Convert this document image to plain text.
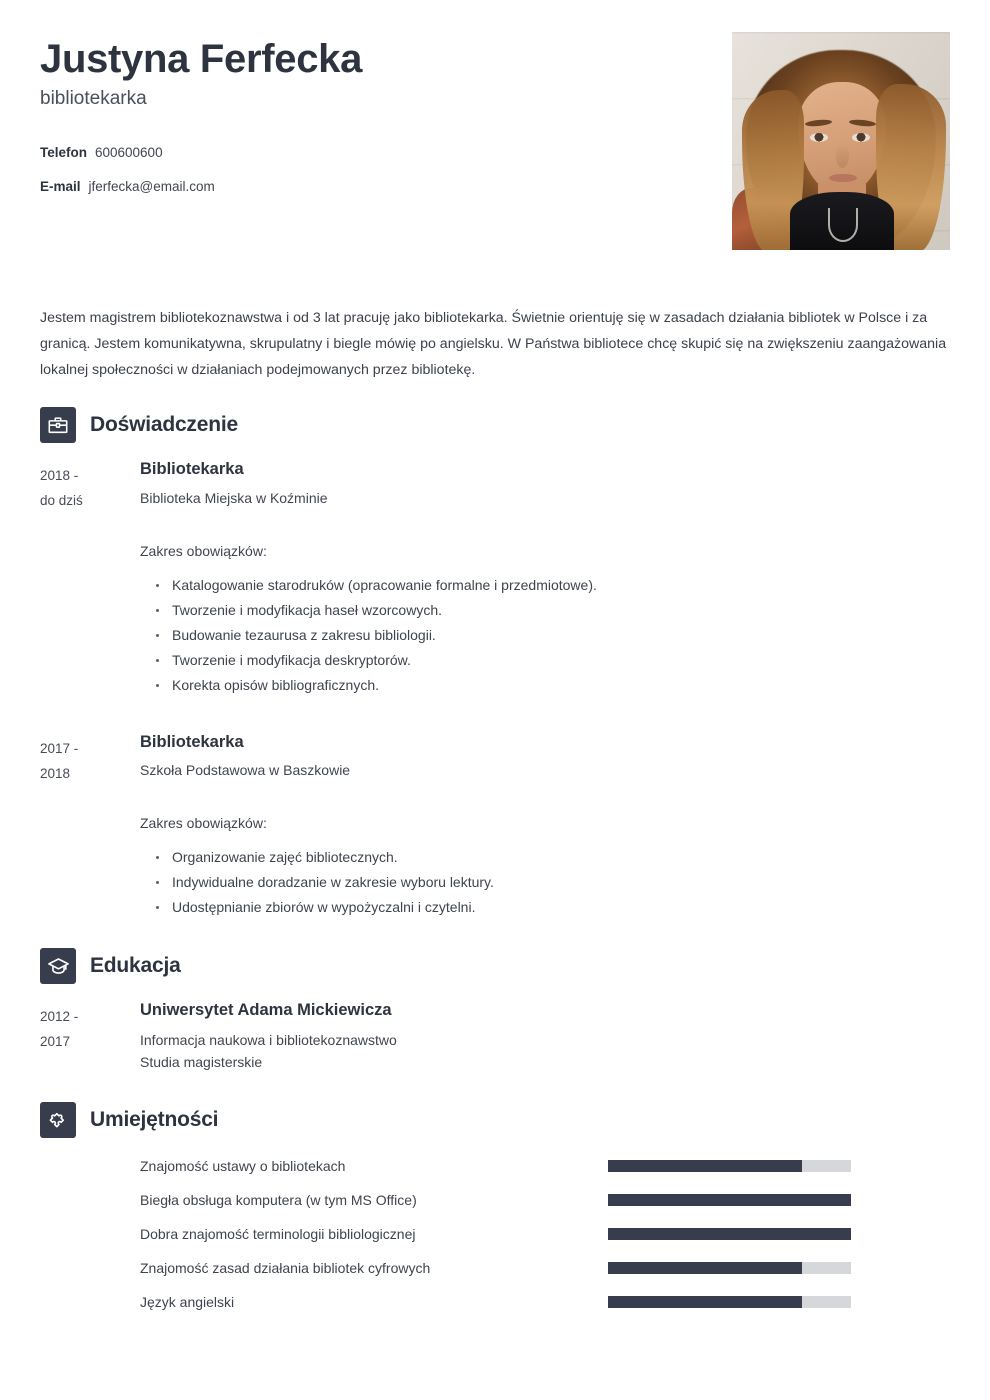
Justyna Ferfecka
bibliotekarka
Telefon 600600600
E-mail jferfecka@email.com

Jestem magistrem bibliotekoznawstwa i od 3 lat pracuję jako bibliotekarka. Świetnie orientuję się w zasadach działania bibliotek w Polsce i za granicą. Jestem komunikatywna, skrupulatny i biegle mówię po angielsku. W Państwa bibliotece chcę skupić się na zwiększeniu zaangażowania lokalnej społeczności w działaniach podejmowanych przez bibliotekę.

Doświadczenie
2018 -
do dziś
Bibliotekarka
Biblioteka Miejska w Koźminie
Zakres obowiązków:
Katalogowanie starodruków (opracowanie formalne i przedmiotowe).
Tworzenie i modyfikacja haseł wzorcowych.
Budowanie tezaurusa z zakresu bibliologii.
Tworzenie i modyfikacja deskryptorów.
Korekta opisów bibliograficznych.
2017 -
2018
Bibliotekarka
Szkoła Podstawowa w Baszkowie
Zakres obowiązków:
Organizowanie zajęć bibliotecznych.
Indywidualne doradzanie w zakresie wyboru lektury.
Udostępnianie zbiorów w wypożyczalni i czytelni.
Edukacja
2012 -
2017
Uniwersytet Adama Mickiewicza
Informacja naukowa i bibliotekoznawstwo
Studia magisterskie
Umiejętności
Znajomość ustawy o bibliotekach
Biegła obsługa komputera (w tym MS Office)
Dobra znajomość terminologii bibliologicznej
Znajomość zasad działania bibliotek cyfrowych
Język angielski
